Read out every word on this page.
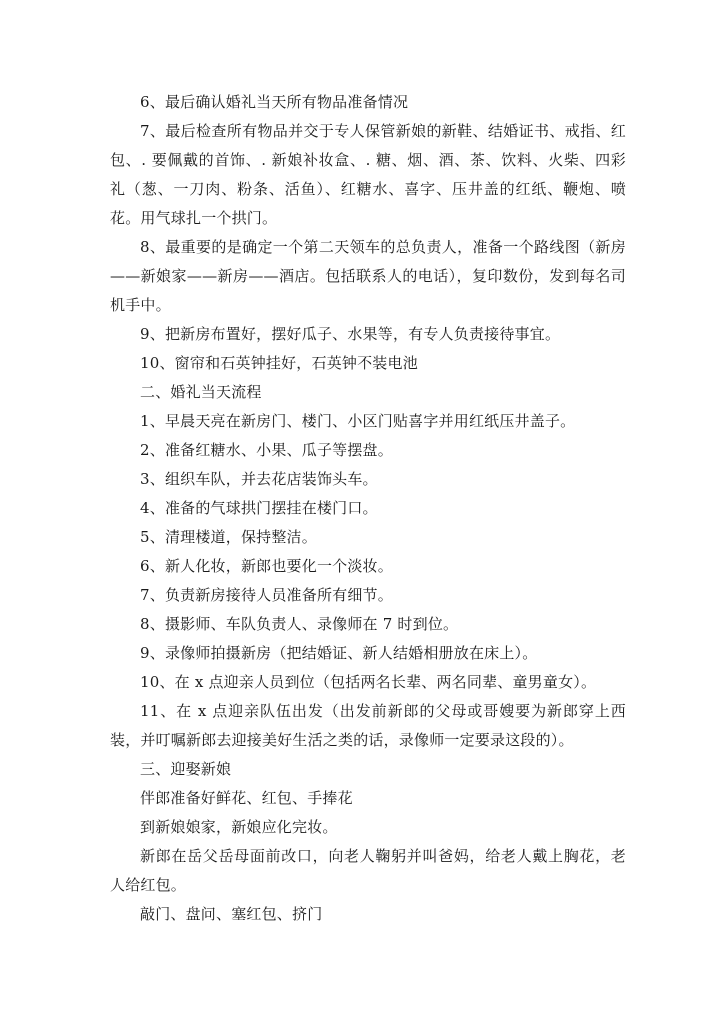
6、最后确认婚礼当天所有物品准备情况

7、最后检查所有物品并交于专人保管新娘的新鞋、结婚证书、戒指、红包、. 要佩戴的首饰、. 新娘补妆盒、. 糖、烟、酒、茶、饮料、火柴、四彩礼（葱、一刀肉、粉条、活鱼）、红糖水、喜字、压井盖的红纸、鞭炮、喷花。用气球扎一个拱门。

8、最重要的是确定一个第二天领车的总负责人，准备一个路线图（新房——新娘家——新房——酒店。包括联系人的电话），复印数份，发到每名司机手中。

9、把新房布置好，摆好瓜子、水果等，有专人负责接待事宜。

10、窗帘和石英钟挂好，石英钟不装电池

二、婚礼当天流程

1、早晨天亮在新房门、楼门、小区门贴喜字并用红纸压井盖子。

2、准备红糖水、小果、瓜子等摆盘。

3、组织车队，并去花店装饰头车。

4、准备的气球拱门摆挂在楼门口。

5、清理楼道，保持整洁。

6、新人化妆，新郎也要化一个淡妆。

7、负责新房接待人员准备所有细节。

8、摄影师、车队负责人、录像师在 7 时到位。

9、录像师拍摄新房（把结婚证、新人结婚相册放在床上）。

10、在 x 点迎亲人员到位（包括两名长辈、两名同辈、童男童女）。

11、在 x 点迎亲队伍出发（出发前新郎的父母或哥嫂要为新郎穿上西装，并叮嘱新郎去迎接美好生活之类的话，录像师一定要录这段的）。

三、迎娶新娘

伴郎准备好鲜花、红包、手捧花

到新娘娘家，新娘应化完妆。

新郎在岳父岳母面前改口，向老人鞠躬并叫爸妈，给老人戴上胸花，老人给红包。

敲门、盘问、塞红包、挤门
